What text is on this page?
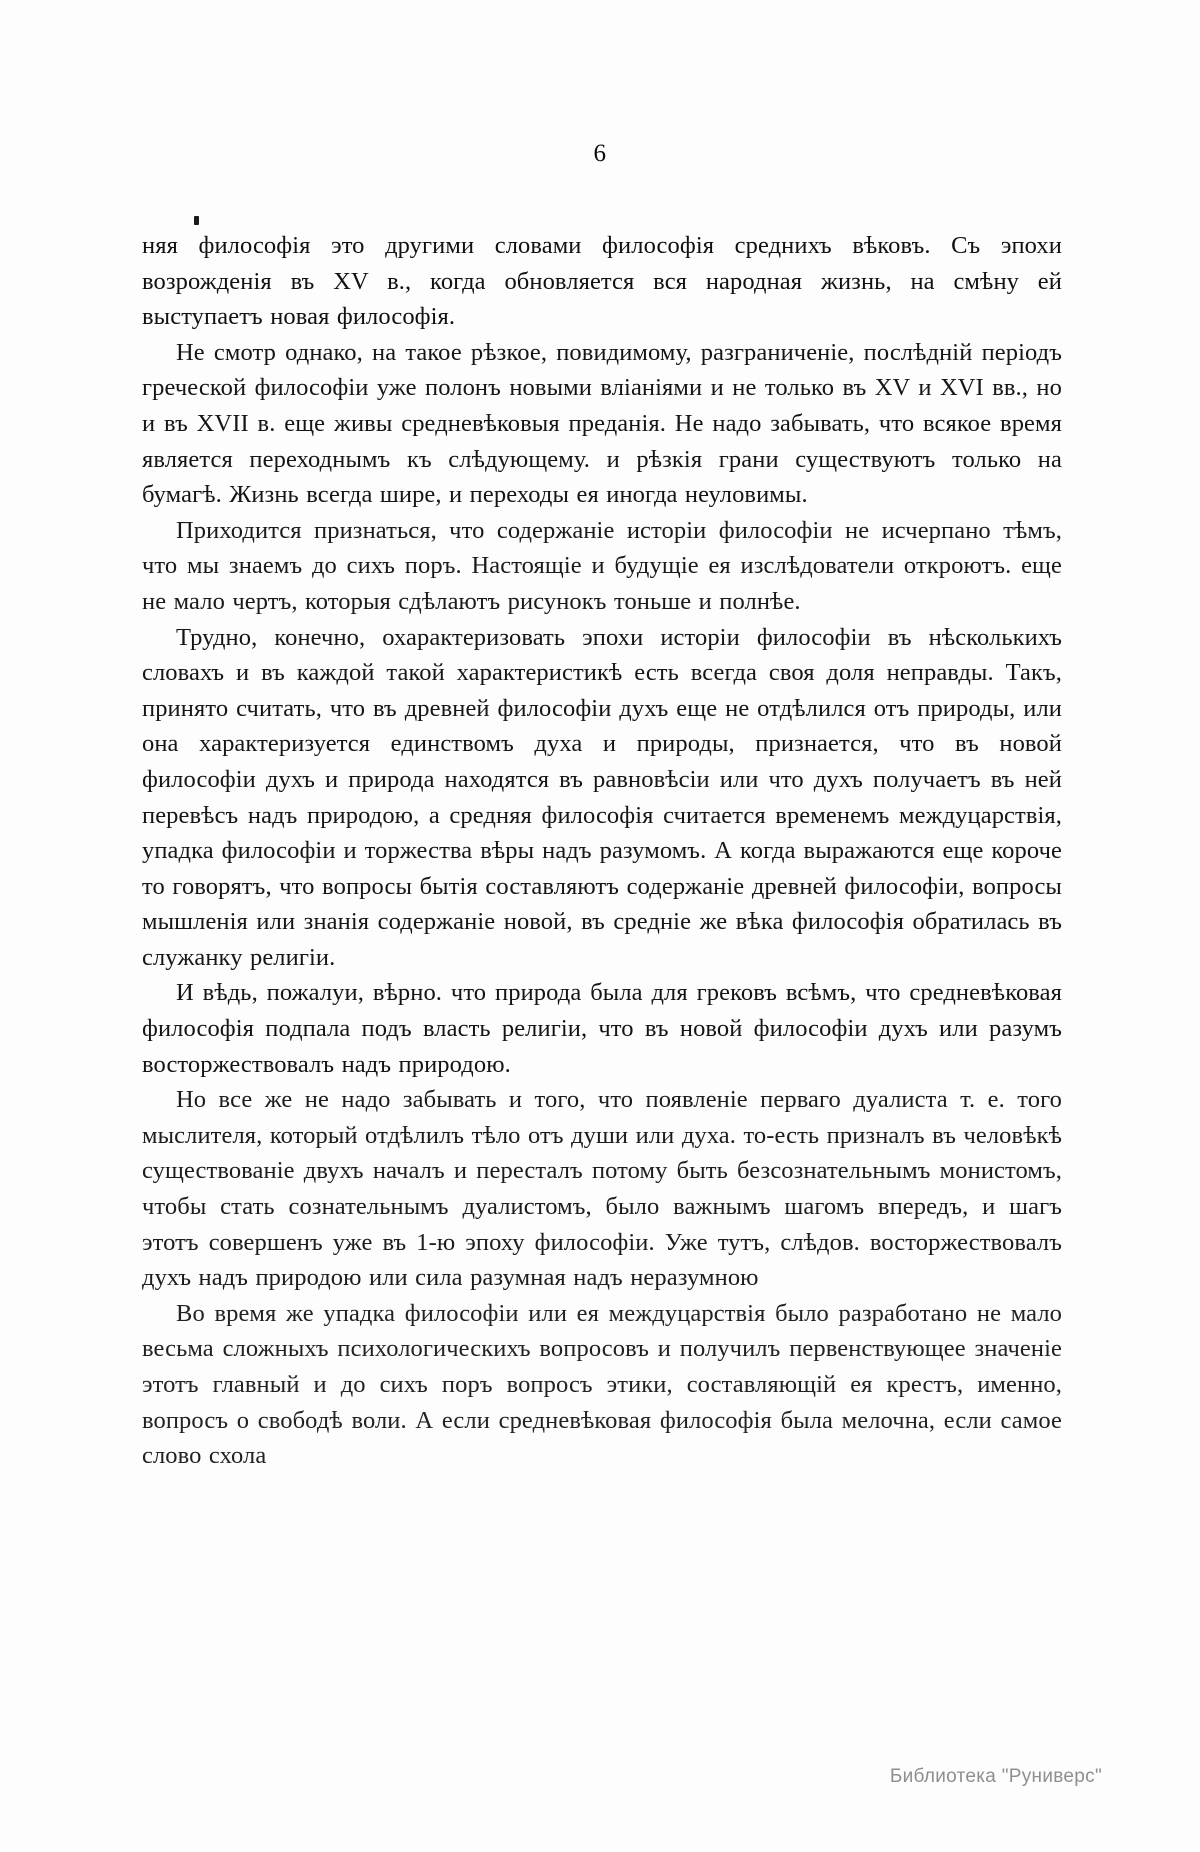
6

няя философія это другими словами философія среднихъ вѣковъ. Съ эпохи возрожденія въ XV в., когда обновляется вся народная жизнь, на смѣну ей выступаетъ новая философія.

Не смотр однако, на такое рѣзкое, повидимому, разграниченіе, послѣдній періодъ греческой философіи уже полонъ новыми вліаніями и не только въ XV и XVI вв., но и въ XVII в. еще живы средневѣковыя преданія. Не надо забывать, что всякое время является переходнымъ къ слѣдующему. и рѣзкія грани существуютъ только на бумагѣ. Жизнь всегда шире, и переходы ея иногда неуловимы.

Приходится признаться, что содержаніе исторіи философіи не исчерпано тѣмъ, что мы знаемъ до сихъ поръ. Настоящіе и будущіе ея изслѣдователи откроютъ. еще не мало чертъ, которыя сдѣлаютъ рисунокъ тоньше и полнѣе.

Трудно, конечно, охарактеризовать эпохи исторіи философіи въ нѣсколькихъ словахъ и въ каждой такой характеристикѣ есть всегда своя доля неправды. Такъ, принято считать, что въ древней философіи духъ еще не отдѣлился отъ природы, или она характеризуется единствомъ духа и природы, признается, что въ новой философіи духъ и природа находятся въ равновѣсіи или что духъ получаетъ въ ней перевѣсъ надъ природою, а средняя философія считается временемъ междуцарствія, упадка философіи и торжества вѣры надъ разумомъ. А когда выражаются еще короче то говорятъ, что вопросы бытія составляютъ содержаніе древней философіи, вопросы мышленія или знанія содержаніе новой, въ среднie же вѣка философія обратилась въ служанку религіи.

И вѣдь, пожалуи, вѣрно. что природа была для грековъ всѣмъ, что средневѣковая философія подпала подъ власть религіи, что въ новой философіи духъ или разумъ восторжествовалъ надъ природою.

Но все же не надо забывать и того, что появленіе перваго дуалиста т. е. того мыслителя, который отдѣлилъ тѣло отъ души или духа. то-есть призналъ въ человѣкѣ существованіе двухъ началъ и пересталъ потому быть безсознательнымъ монистомъ, чтобы стать сознательнымъ дуалистомъ, было важнымъ шагомъ впередъ, и шагъ этотъ совершенъ уже въ 1-ю эпоху философіи. Уже тутъ, слѣдов. восторжествовалъ духъ надъ природою или сила разумная надъ неразумною

Во время же упадка философіи или ея междуцарствія было разработано не мало весьма сложныхъ психологическихъ вопросовъ и получилъ первенствующее значеніе этотъ главный и до сихъ поръ вопросъ этики, составляющій ея крестъ, именно, вопросъ о свободѣ воли. А если средневѣковая философія была мелочна, если самое слово схола

Библиотека "Руниверс"
